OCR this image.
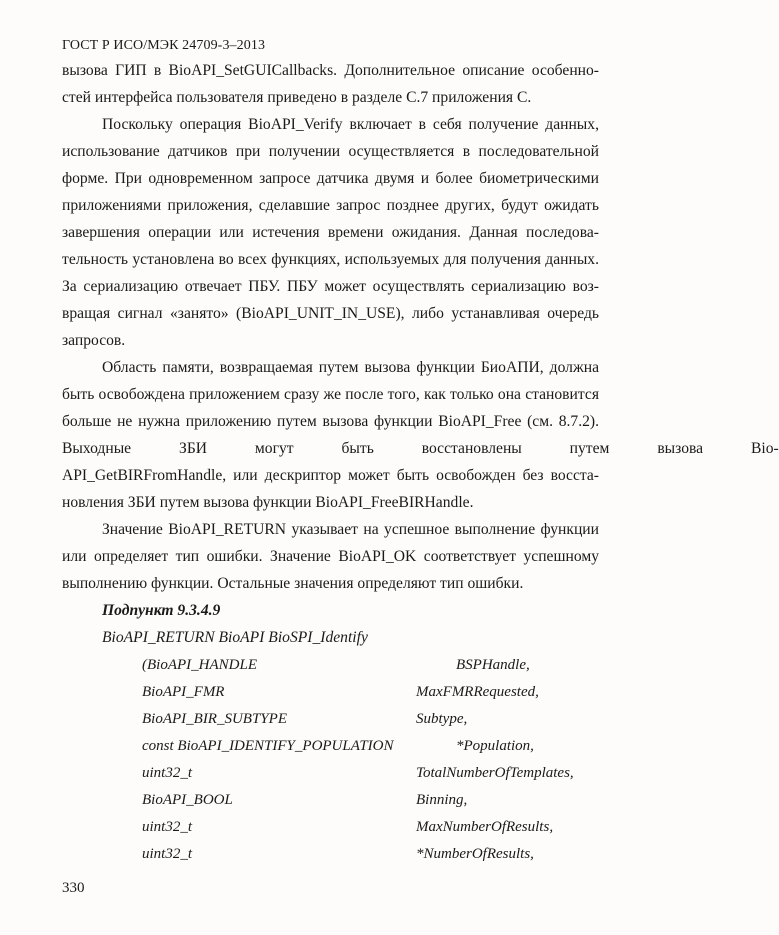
ГОСТ Р ИСО/МЭК 24709-3–2013
вызова ГИП в BioAPI_SetGUICallbacks. Дополнительное описание особенно-
стей интерфейса пользователя приведено в разделе С.7 приложения С.
Поскольку операция BioAPI_Verify включает в себя получение данных,
использование датчиков при получении осуществляется в последовательной
форме. При одновременном запросе датчика двумя и более биометрическими
приложениями приложения, сделавшие запрос позднее других, будут ожидать
завершения операции или истечения времени ожидания. Данная последова-
тельность установлена во всех функциях, используемых для получения данных.
За сериализацию отвечает ПБУ. ПБУ может осуществлять сериализацию воз-
вращая сигнал «занято» (BioAPI_UNIT_IN_USE), либо устанавливая очередь
запросов.
Область памяти, возвращаемая путем вызова функции БиоАПИ, должна
быть освобождена приложением сразу же после того, как только она становится
больше не нужна приложению путем вызова функции BioAPI_Free (см. 8.7.2).
Выходные ЗБИ могут быть восстановлены путем вызова Bio-
API_GetBIRFromHandle, или дескриптор может быть освобожден без восста-
новления ЗБИ путем вызова функции BioAPI_FreeBIRHandle.
Значение BioAPI_RETURN указывает на успешное выполнение функции
или определяет тип ошибки. Значение BioAPI_OK соответствует успешному
выполнению функции. Остальные значения определяют тип ошибки.
Подпункт 9.3.4.9
BioAPI_RETURN BioAPI BioSPI_Identify
(BioAPI_HANDLE	BSPHandle,
BioAPI_FMR	MaxFMRRequested,
BioAPI_BIR_SUBTYPE	Subtype,
const BioAPI_IDENTIFY_POPULATION	*Population,
uint32_t	TotalNumberOfTemplates,
BioAPI_BOOL	Binning,
uint32_t	MaxNumberOfResults,
uint32_t	*NumberOfResults,
330
